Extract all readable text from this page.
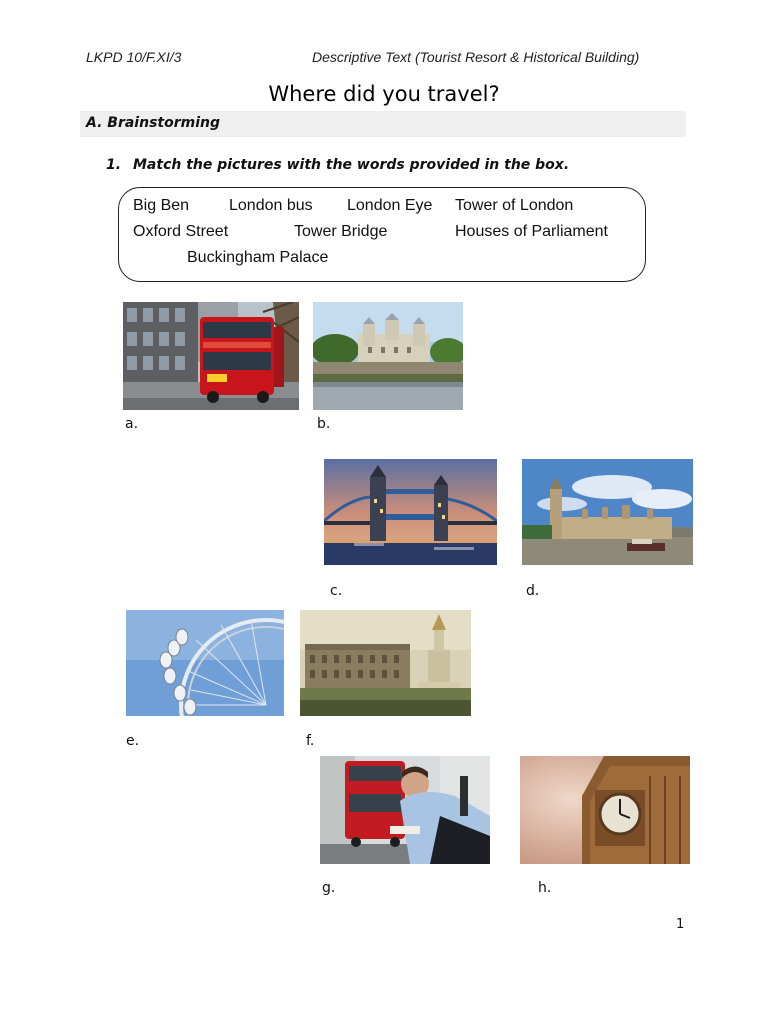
LKPD 10/F.XI/3	Descriptive Text (Tourist Resort & Historical Building)
Where did you travel?
A. Brainstorming
1. Match the pictures with the words provided in the box.
Big Ben London bus London Eye Tower of London
Oxford Street	Tower Bridge	Houses of Parliament
Buckingham Palace
a.	b.
c.	d.
e.	f.
g.	h.
1
